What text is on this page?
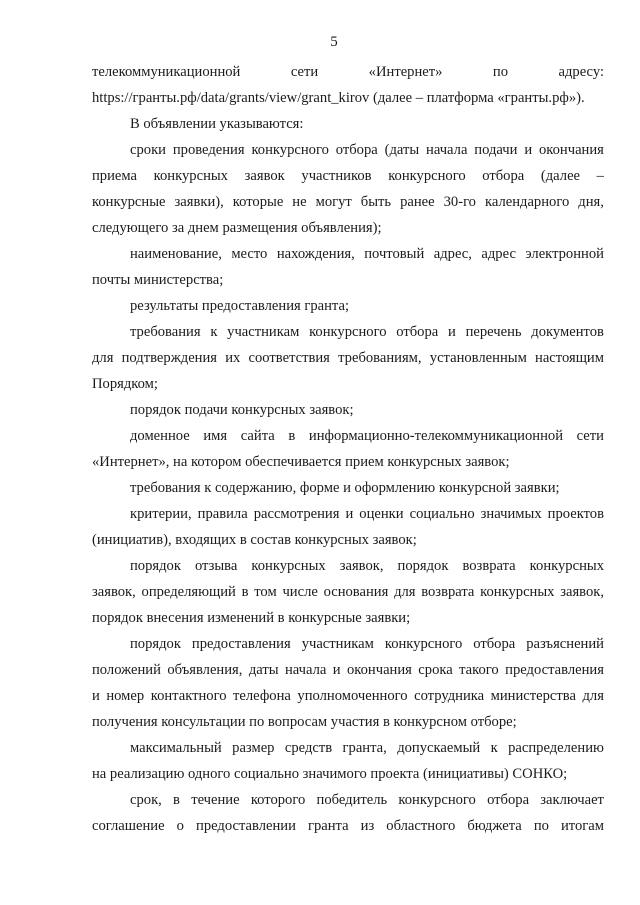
5
телекоммуникационной	сети	«Интернет»	по	адресу:
https://гранты.рф/data/grants/view/grant_kirov (далее – платформа «гранты.рф»).
В объявлении указываются:
сроки проведения конкурсного отбора (даты начала подачи и окончания
приема конкурсных заявок участников конкурсного отбора (далее –
конкурсные заявки), которые не могут быть ранее 30-го календарного дня,
следующего за днем размещения объявления);
наименование, место нахождения, почтовый адрес, адрес электронной
почты министерства;
результаты предоставления гранта;
требования к участникам конкурсного отбора и перечень документов
для подтверждения их соответствия требованиям, установленным настоящим
Порядком;
порядок подачи конкурсных заявок;
доменное имя сайта в информационно-телекоммуникационной сети
«Интернет», на котором обеспечивается прием конкурсных заявок;
требования к содержанию, форме и оформлению конкурсной заявки;
критерии, правила рассмотрения и оценки социально значимых проектов
(инициатив), входящих в состав конкурсных заявок;
порядок отзыва конкурсных заявок, порядок возврата конкурсных
заявок, определяющий в том числе основания для возврата конкурсных заявок,
порядок внесения изменений в конкурсные заявки;
порядок предоставления участникам конкурсного отбора разъяснений
положений объявления, даты начала и окончания срока такого предоставления
и номер контактного телефона уполномоченного сотрудника министерства для
получения консультации по вопросам участия в конкурсном отборе;
максимальный размер средств гранта, допускаемый к распределению
на реализацию одного социально значимого проекта (инициативы) СОНКО;
срок, в течение которого победитель конкурсного отбора заключает
соглашение о предоставлении гранта из областного бюджета по итогам
